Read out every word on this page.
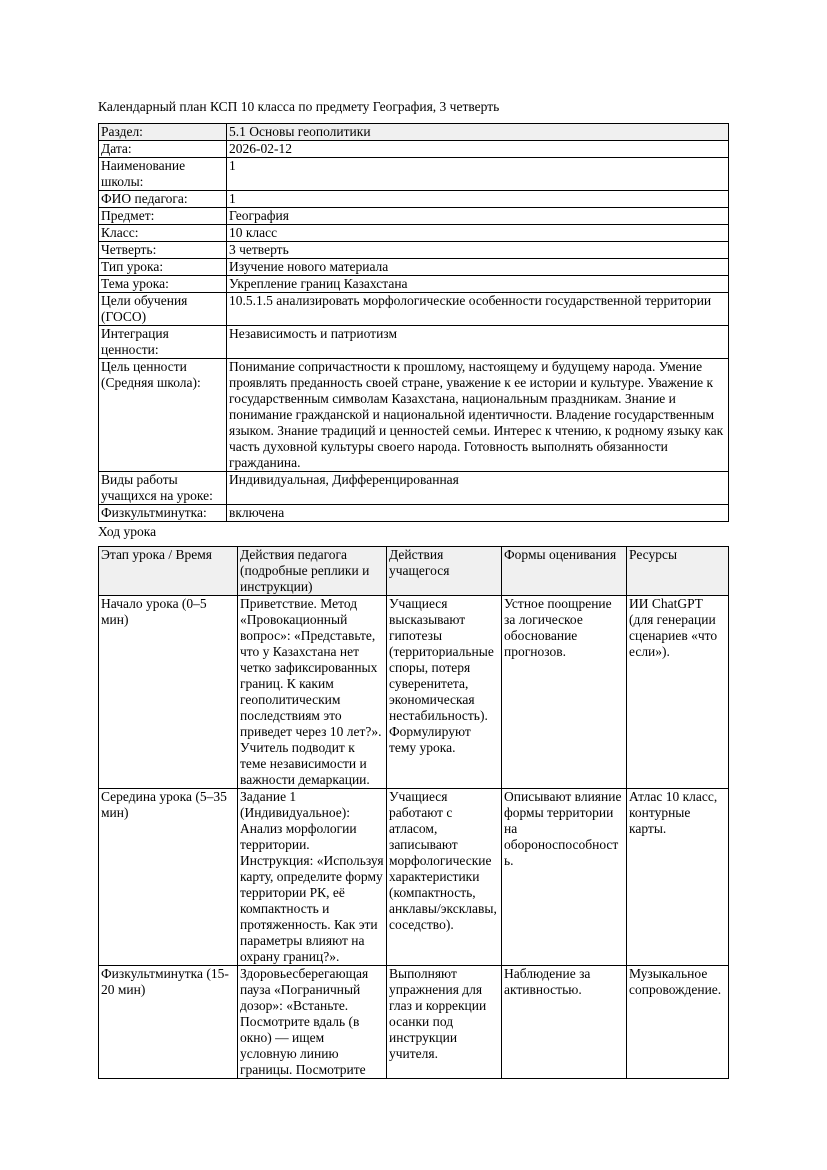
Календарный план КСП 10 класса по предмету География, 3 четверть
Раздел:	5.1 Основы геополитики
Дата:	2026-02-12
Наименование школы:	1
ФИО педагога:	1
Предмет:	География
Класс:	10 класс
Четверть:	3 четверть
Тип урока:	Изучение нового материала
Тема урока:	Укрепление границ Казахстана
Цели обучения (ГОСО)	10.5.1.5 анализировать морфологические особенности государственной территории
Интеграция ценности:	Независимость и патриотизм
Цель ценности (Средняя школа):	Понимание сопричастности к прошлому, настоящему и будущему народа. Умение проявлять преданность своей стране, уважение к ее истории и культуре. Уважение к государственным символам Казахстана, национальным праздникам. Знание и понимание гражданской и национальной идентичности. Владение государственным языком. Знание традиций и ценностей семьи. Интерес к чтению, к родному языку как часть духовной культуры своего народа. Готовность выполнять обязанности гражданина.
Виды работы учащихся на уроке:	Индивидуальная, Дифференцированная
Физкультминутка:	включена
Ход урока
Этап урока / Время	Действия педагога (подробные реплики и инструкции)	Действия учащегося	Формы оценивания	Ресурсы
Начало урока (0–5 мин)	Приветствие. Метод «Провокационный вопрос»: «Представьте, что у Казахстана нет четко зафиксированных границ. К каким геополитическим последствиям это приведет через 10 лет?». Учитель подводит к теме независимости и важности демаркации.	Учащиеся высказывают гипотезы (территориальные споры, потеря суверенитета, экономическая нестабильность). Формулируют тему урока.	Устное поощрение за логическое обоснование прогнозов.	ИИ ChatGPT (для генерации сценариев «что если»).
Середина урока (5–35 мин)	Задание 1 (Индивидуальное): Анализ морфологии территории. Инструкция: «Используя карту, определите форму территории РК, её компактность и протяженность. Как эти параметры влияют на охрану границ?».	Учащиеся работают с атласом, записывают морфологические характеристики (компактность, анклавы/эксклавы, соседство).	Описывают влияние формы территории на обороноспособность.	Атлас 10 класс, контурные карты.
Физкультминутка (15-20 мин)	Здоровьесберегающая пауза «Пограничный дозор»: «Встаньте. Посмотрите вдаль (в окно) — ищем условную линию границы. Посмотрите	Выполняют упражнения для глаз и коррекции осанки под инструкции учителя.	Наблюдение за активностью.	Музыкальное сопровождение.
